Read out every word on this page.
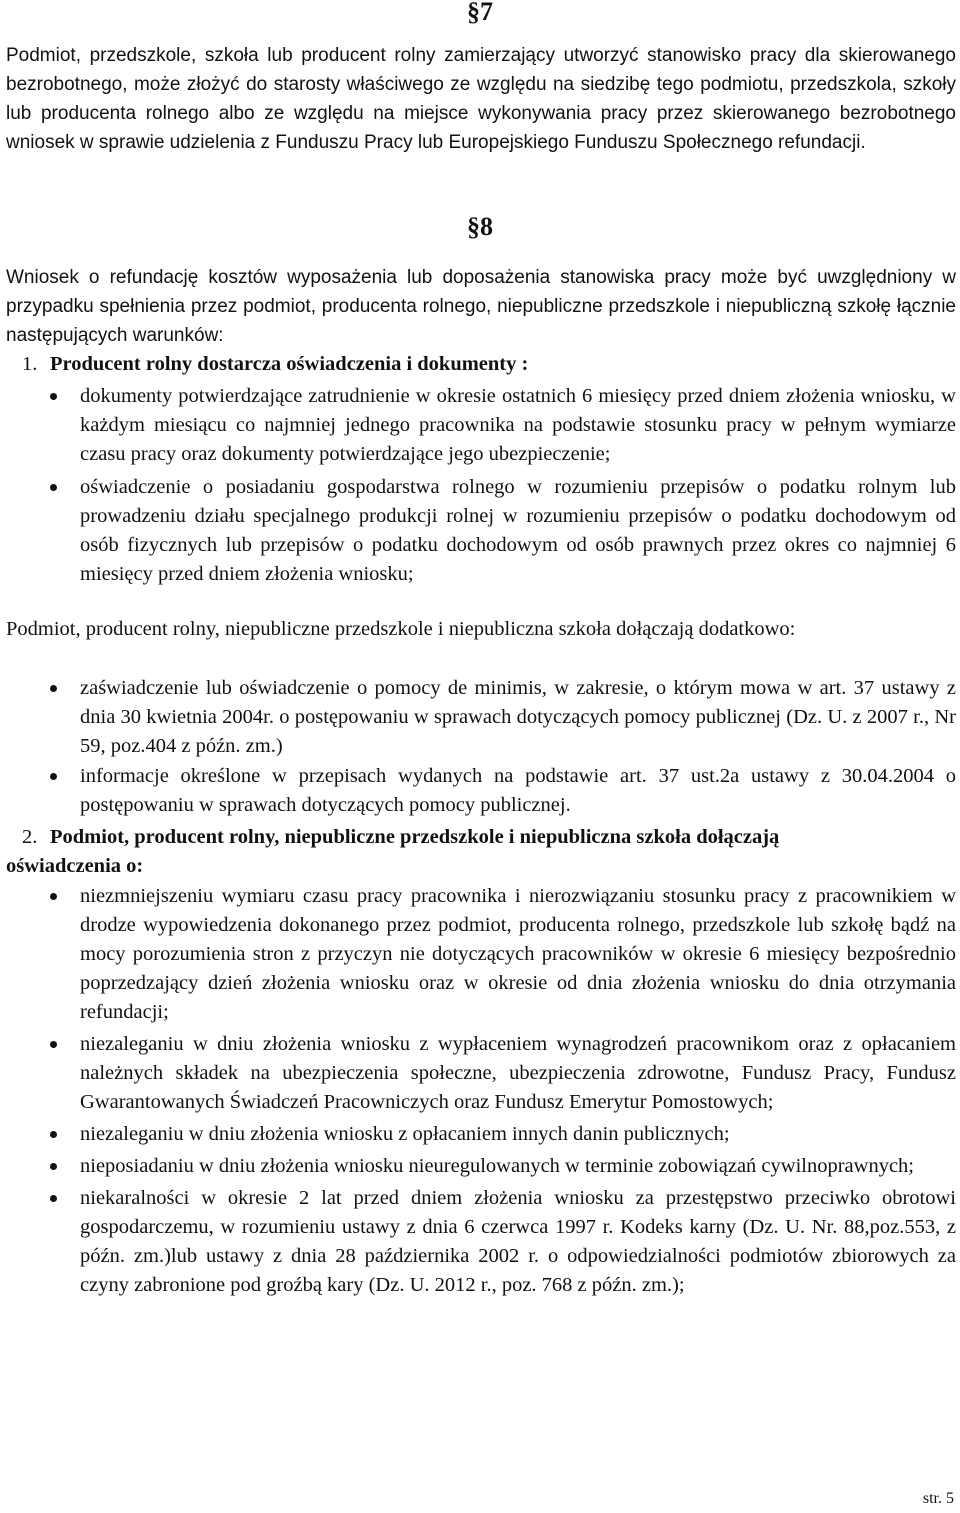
§7

Podmiot, przedszkole, szkoła lub producent rolny zamierzający utworzyć stanowisko pracy dla skierowanego bezrobotnego, może złożyć do starosty właściwego ze względu na siedzibę tego podmiotu, przedszkola, szkoły lub producenta rolnego albo ze względu na miejsce wykonywania pracy przez skierowanego bezrobotnego wniosek w sprawie udzielenia z Funduszu Pracy lub Europejskiego Funduszu Społecznego refundacji.

§8

Wniosek o refundację kosztów wyposażenia lub doposażenia stanowiska pracy może być uwzględniony w przypadku spełnienia przez podmiot, producenta rolnego, niepubliczne przedszkole i niepubliczną szkołę łącznie następujących warunków:

1. Producent rolny dostarcza oświadczenia i dokumenty :
dokumenty potwierdzające zatrudnienie w okresie ostatnich 6 miesięcy przed dniem złożenia wniosku, w każdym miesiącu co najmniej jednego pracownika na podstawie stosunku pracy w pełnym wymiarze czasu pracy oraz dokumenty potwierdzające jego ubezpieczenie;
oświadczenie o posiadaniu gospodarstwa rolnego w rozumieniu przepisów o podatku rolnym lub prowadzeniu działu specjalnego produkcji rolnej w rozumieniu przepisów o podatku dochodowym od osób fizycznych lub przepisów o podatku dochodowym od osób prawnych przez okres co najmniej 6 miesięcy przed dniem złożenia wniosku;

Podmiot, producent rolny, niepubliczne przedszkole i niepubliczna szkoła dołączają dodatkowo:

zaświadczenie lub oświadczenie o pomocy de minimis, w zakresie, o którym mowa w art. 37 ustawy z dnia 30 kwietnia 2004r. o postępowaniu w sprawach dotyczących pomocy publicznej (Dz. U. z 2007 r., Nr 59, poz.404 z późn. zm.)
informacje określone w przepisach wydanych na podstawie art. 37 ust.2a ustawy z 30.04.2004 o postępowaniu w sprawach dotyczących pomocy publicznej.
2. Podmiot, producent rolny, niepubliczne przedszkole i niepubliczna szkoła dołączają
oświadczenia o:
niezmniejszeniu wymiaru czasu pracy pracownika i nierozwiązaniu stosunku pracy z pracownikiem w drodze wypowiedzenia dokonanego przez podmiot, producenta rolnego, przedszkole lub szkołę bądź na mocy porozumienia stron z przyczyn nie dotyczących pracowników w okresie 6 miesięcy bezpośrednio poprzedzający dzień złożenia wniosku oraz w okresie od dnia złożenia wniosku do dnia otrzymania refundacji;
niezaleganiu w dniu złożenia wniosku z wypłaceniem wynagrodzeń pracownikom oraz z opłacaniem należnych składek na ubezpieczenia społeczne, ubezpieczenia zdrowotne, Fundusz Pracy, Fundusz Gwarantowanych Świadczeń Pracowniczych oraz Fundusz Emerytur Pomostowych;
niezaleganiu w dniu złożenia wniosku z opłacaniem innych danin publicznych;
nieposiadaniu w dniu złożenia wniosku nieuregulowanych w terminie zobowiązań cywilnoprawnych;
niekaralności w okresie 2 lat przed dniem złożenia wniosku za przestępstwo przeciwko obrotowi gospodarczemu, w rozumieniu ustawy z dnia 6 czerwca 1997 r. Kodeks karny (Dz. U. Nr. 88,poz.553, z późn. zm.)lub ustawy z dnia 28 października 2002 r. o odpowiedzialności podmiotów zbiorowych za czyny zabronione pod groźbą kary (Dz. U. 2012 r., poz. 768 z późn. zm.);
str. 5
